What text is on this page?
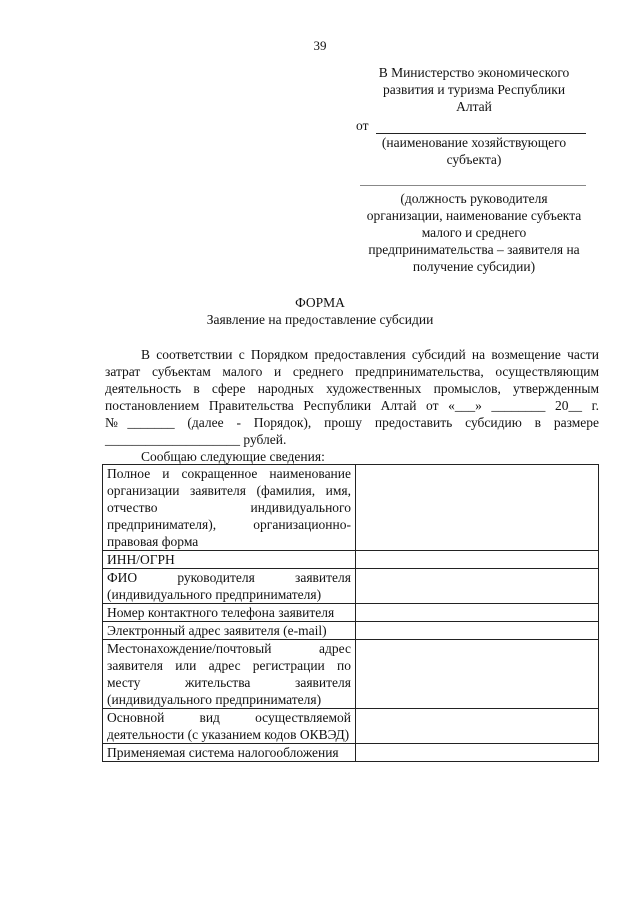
39
В Министерство экономического
развития и туризма Республики
Алтай
от
(наименование хозяйствующего
субъекта)
(должность руководителя
организации, наименование субъекта
малого и среднего
предпринимательства – заявителя на
получение субсидии)
ФОРМА
Заявление на предоставление субсидии

В соответствии с Порядком предоставления субсидий на возмещение части затрат субъектам малого и среднего предпринимательства, осуществляющим деятельность в сфере народных художественных промыслов, утвержденным постановлением Правительства Республики Алтай от «___» ________ 20__ г. №_______ (далее - Порядок), прошу предоставить субсидию в размере ____________________ рублей.

Сообщаю следующие сведения:

Полное и сокращенное наименование организации заявителя (фамилия, имя, отчество индивидуального предпринимателя), организационно-правовая форма	
ИНН/ОГРН	
ФИО руководителя заявителя (индивидуального предпринимателя)	
Номер контактного телефона заявителя	
Электронный адрес заявителя (e-mail)	
Местонахождение/почтовый адрес заявителя или адрес регистрации по месту жительства заявителя (индивидуального предпринимателя)	
Основной вид осуществляемой деятельности (с указанием кодов ОКВЭД)	
Применяемая система налогообложения	
